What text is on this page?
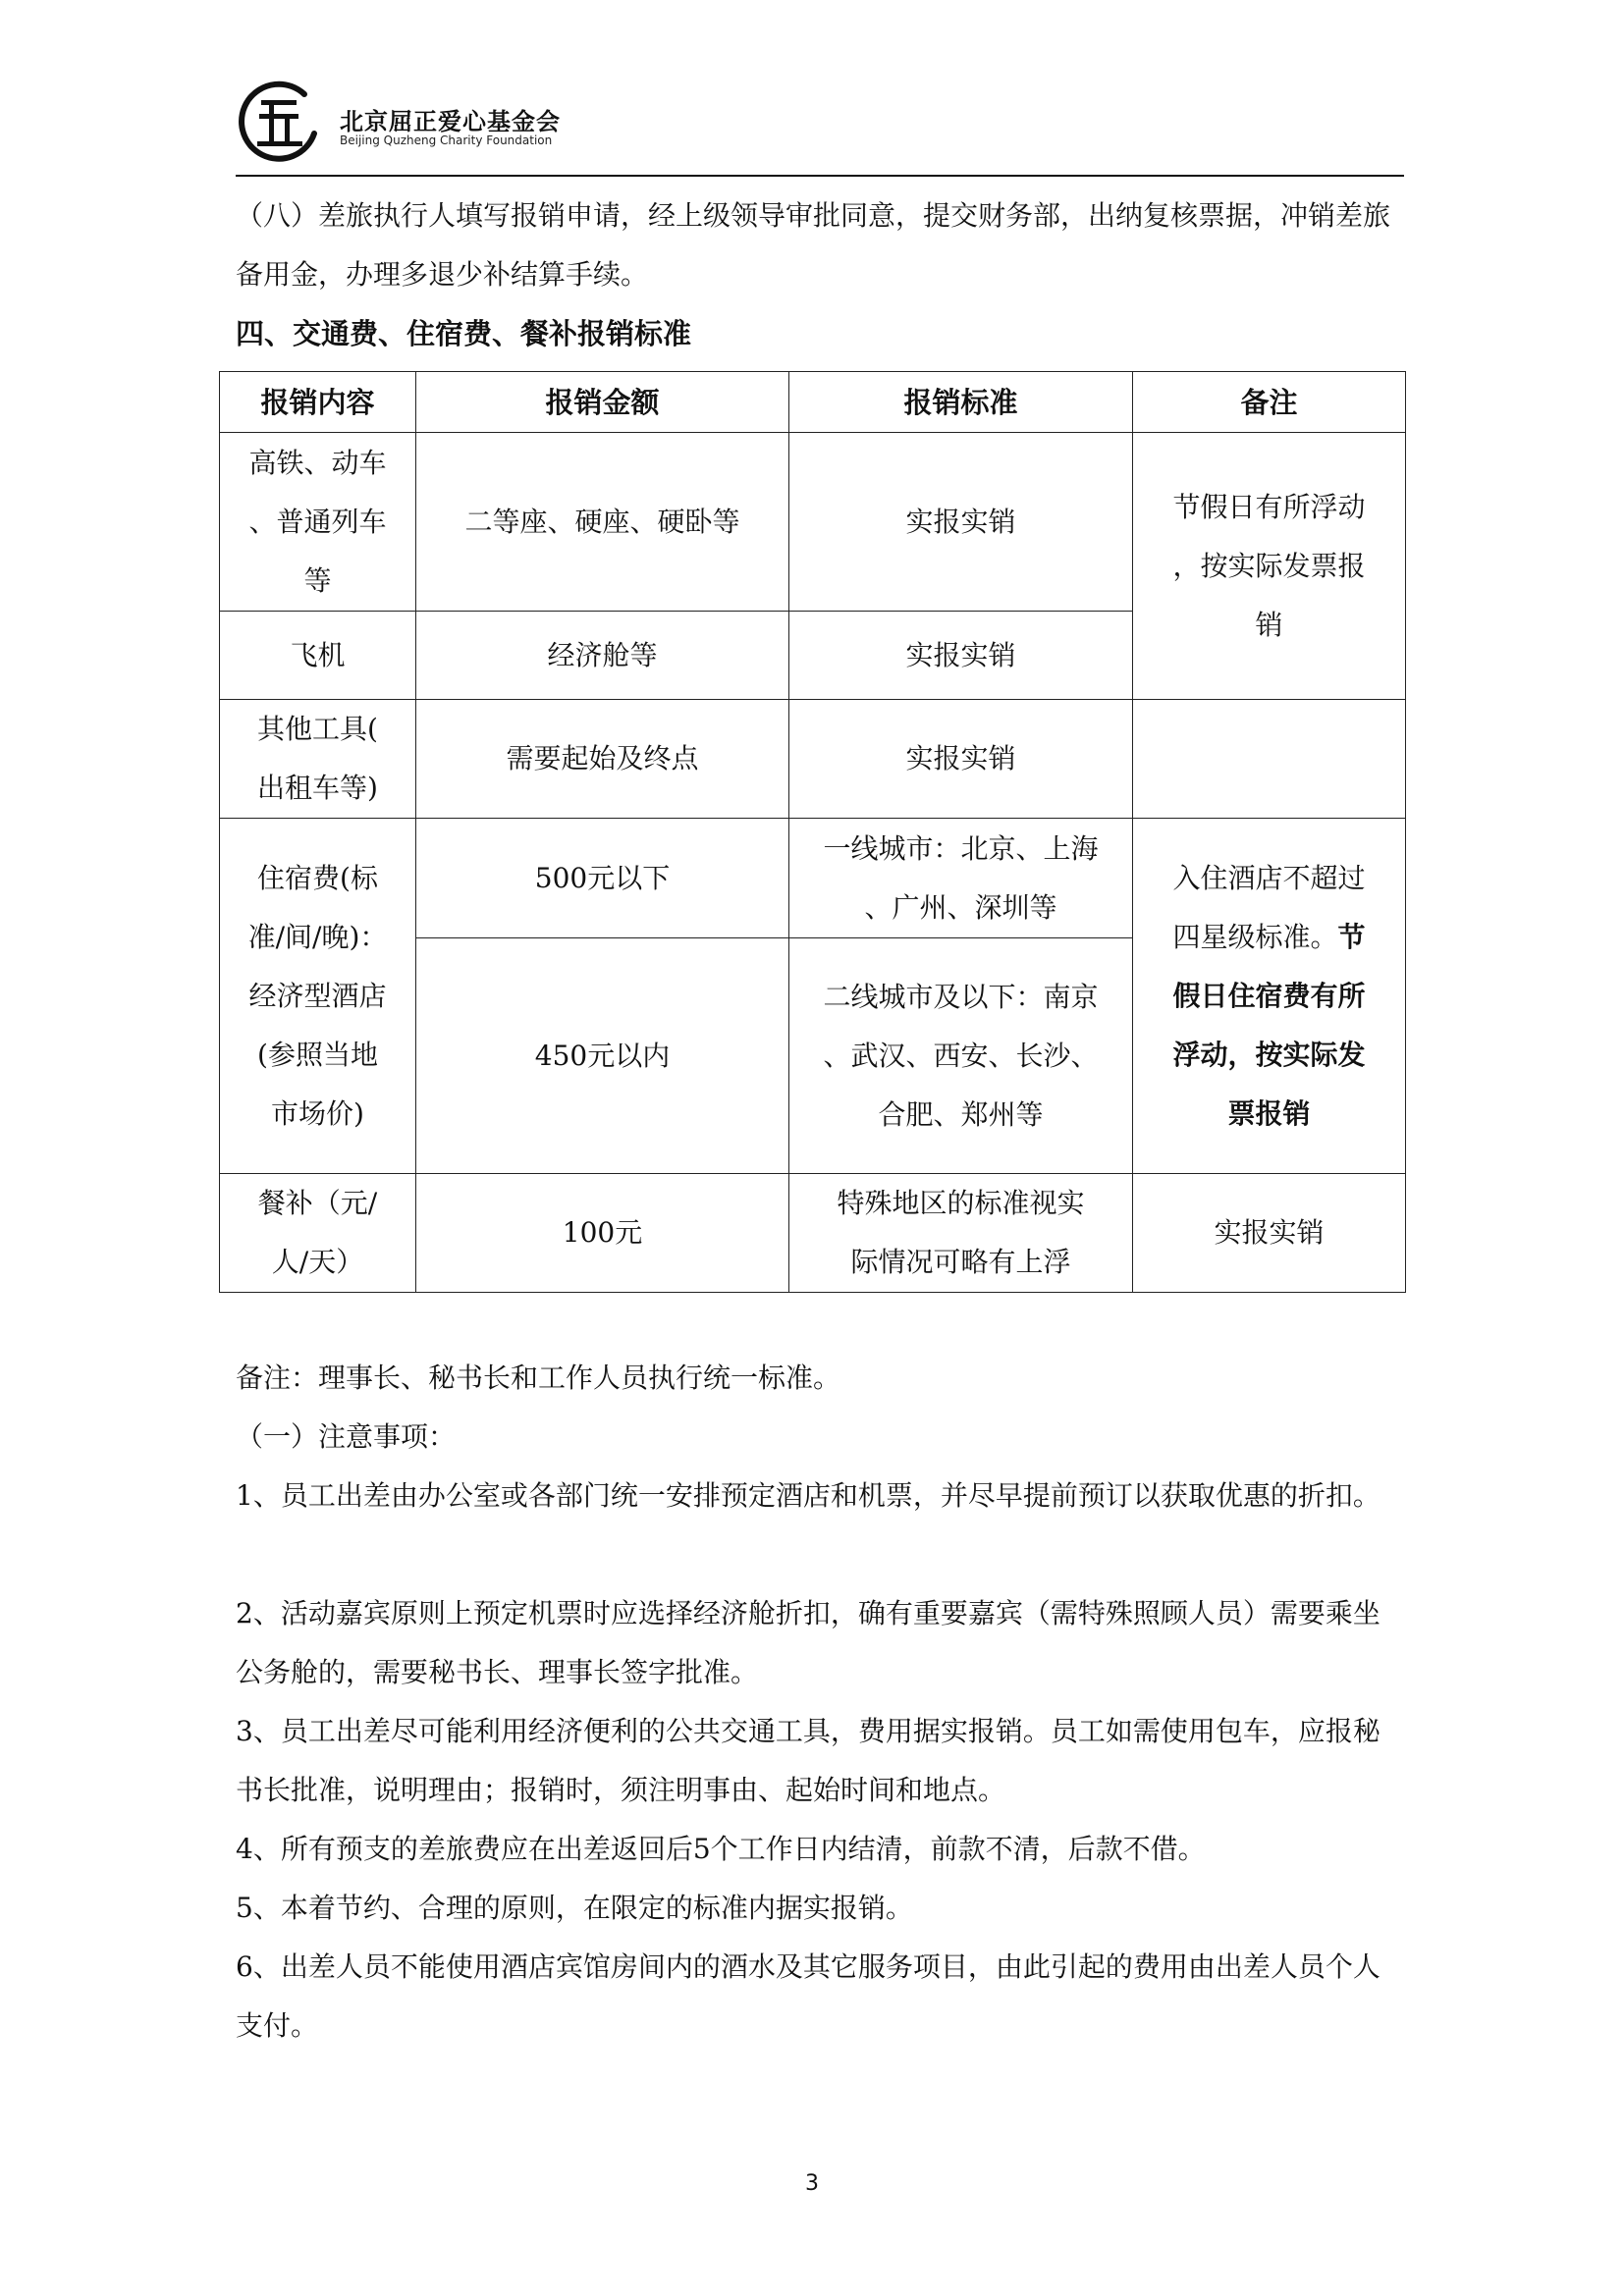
北京屈正爱心基金会
Beijing Quzheng Charity Foundation

（八）差旅执行人填写报销申请，经上级领导审批同意，提交财务部，出纳复核票据，冲销差旅备用金，办理多退少补结算手续。

四、交通费、住宿费、餐补报销标准

报销内容	报销金额	报销标准	备注
高铁、动车
、普通列车
等	二等座、硬座、硬卧等	实报实销	节假日有所浮动
，按实际发票报
销
飞机	经济舱等	实报实销	
其他工具(
出租车等)	需要起始及终点	实报实销	
住宿费(标
准/间/晚)：
经济型酒店
(参照当地
市场价)	500元以下	一线城市：北京、上海
、广州、深圳等	入住酒店不超过
四星级标准。节
假日住宿费有所
浮动，按实际发
票报销
	450元以内	二线城市及以下：南京
、武汉、西安、长沙、
合肥、郑州等	
餐补（元/
人/天）	100元	特殊地区的标准视实
际情况可略有上浮	实报实销

备注：理事长、秘书长和工作人员执行统一标准。

（一）注意事项：

1、员工出差由办公室或各部门统一安排预定酒店和机票，并尽早提前预订以获取优惠的折扣。

2、活动嘉宾原则上预定机票时应选择经济舱折扣，确有重要嘉宾（需特殊照顾人员）需要乘坐公务舱的，需要秘书长、理事长签字批准。

3、员工出差尽可能利用经济便利的公共交通工具，费用据实报销。员工如需使用包车，应报秘书长批准，说明理由；报销时，须注明事由、起始时间和地点。

4、所有预支的差旅费应在出差返回后5个工作日内结清，前款不清，后款不借。

5、本着节约、合理的原则，在限定的标准内据实报销。

6、出差人员不能使用酒店宾馆房间内的酒水及其它服务项目，由此引起的费用由出差人员个人支付。

3
